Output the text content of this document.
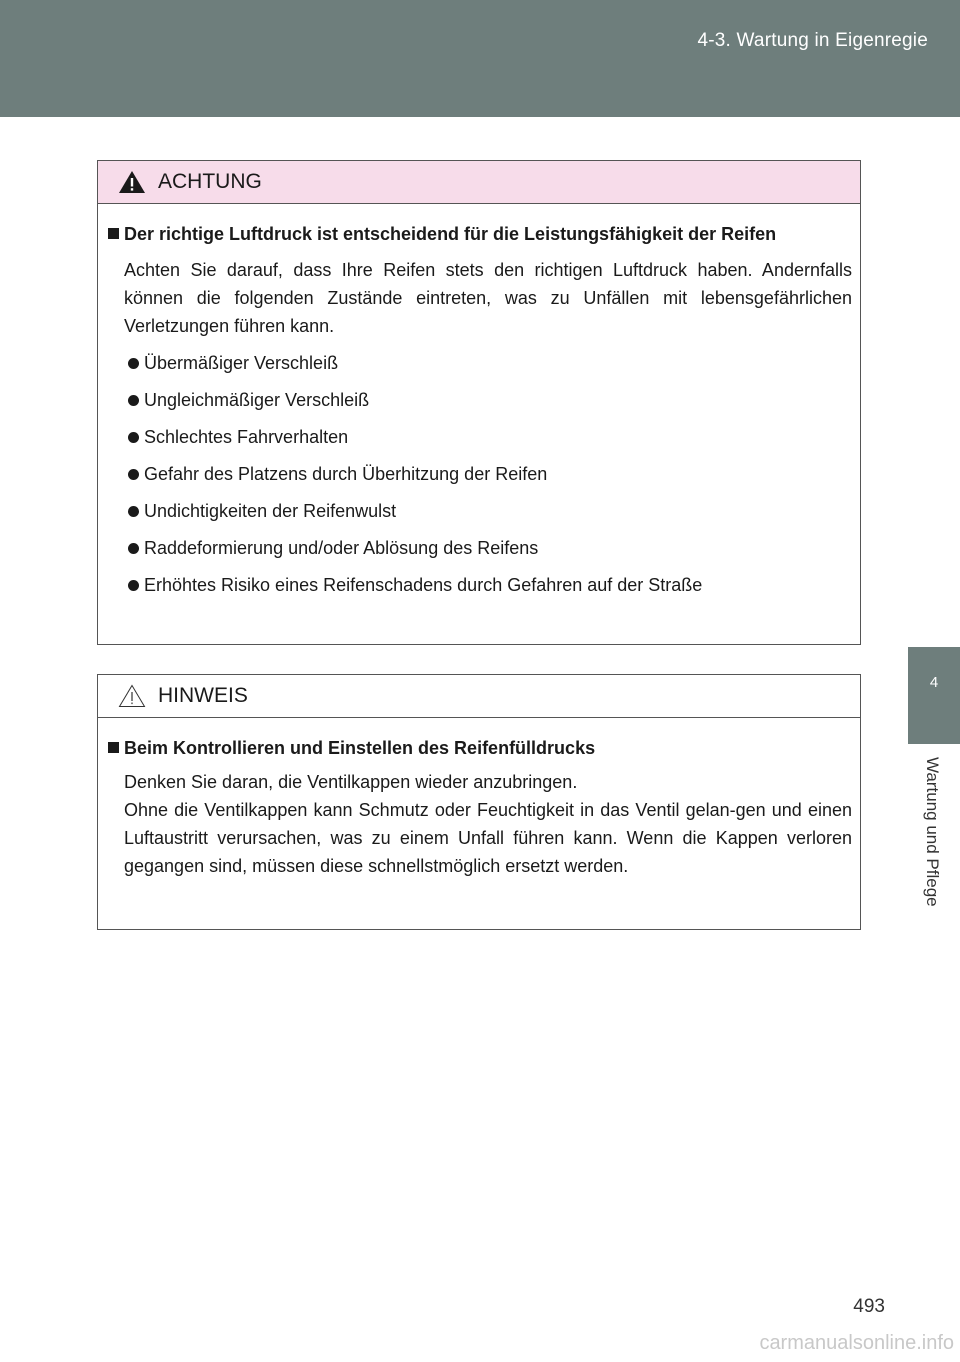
4-3. Wartung in Eigenregie
4
Wartung und Pflege
ACHTUNG
Der richtige Luftdruck ist entscheidend für die Leistungsfähigkeit der Reifen
Achten Sie darauf, dass Ihre Reifen stets den richtigen Luftdruck haben. Andernfalls können die folgenden Zustände eintreten, was zu Unfällen mit lebensgefährlichen Verletzungen führen kann.
Übermäßiger Verschleiß
Ungleichmäßiger Verschleiß
Schlechtes Fahrverhalten
Gefahr des Platzens durch Überhitzung der Reifen
Undichtigkeiten der Reifenwulst
Raddeformierung und/oder Ablösung des Reifens
Erhöhtes Risiko eines Reifenschadens durch Gefahren auf der Straße
HINWEIS
Beim Kontrollieren und Einstellen des Reifenfülldrucks
Denken Sie daran, die Ventilkappen wieder anzubringen.
Ohne die Ventilkappen kann Schmutz oder Feuchtigkeit in das Ventil gelan-gen und einen Luftaustritt verursachen, was zu einem Unfall führen kann. Wenn die Kappen verloren gegangen sind, müssen diese schnellstmöglich ersetzt werden.
493
carmanualsonline.info
